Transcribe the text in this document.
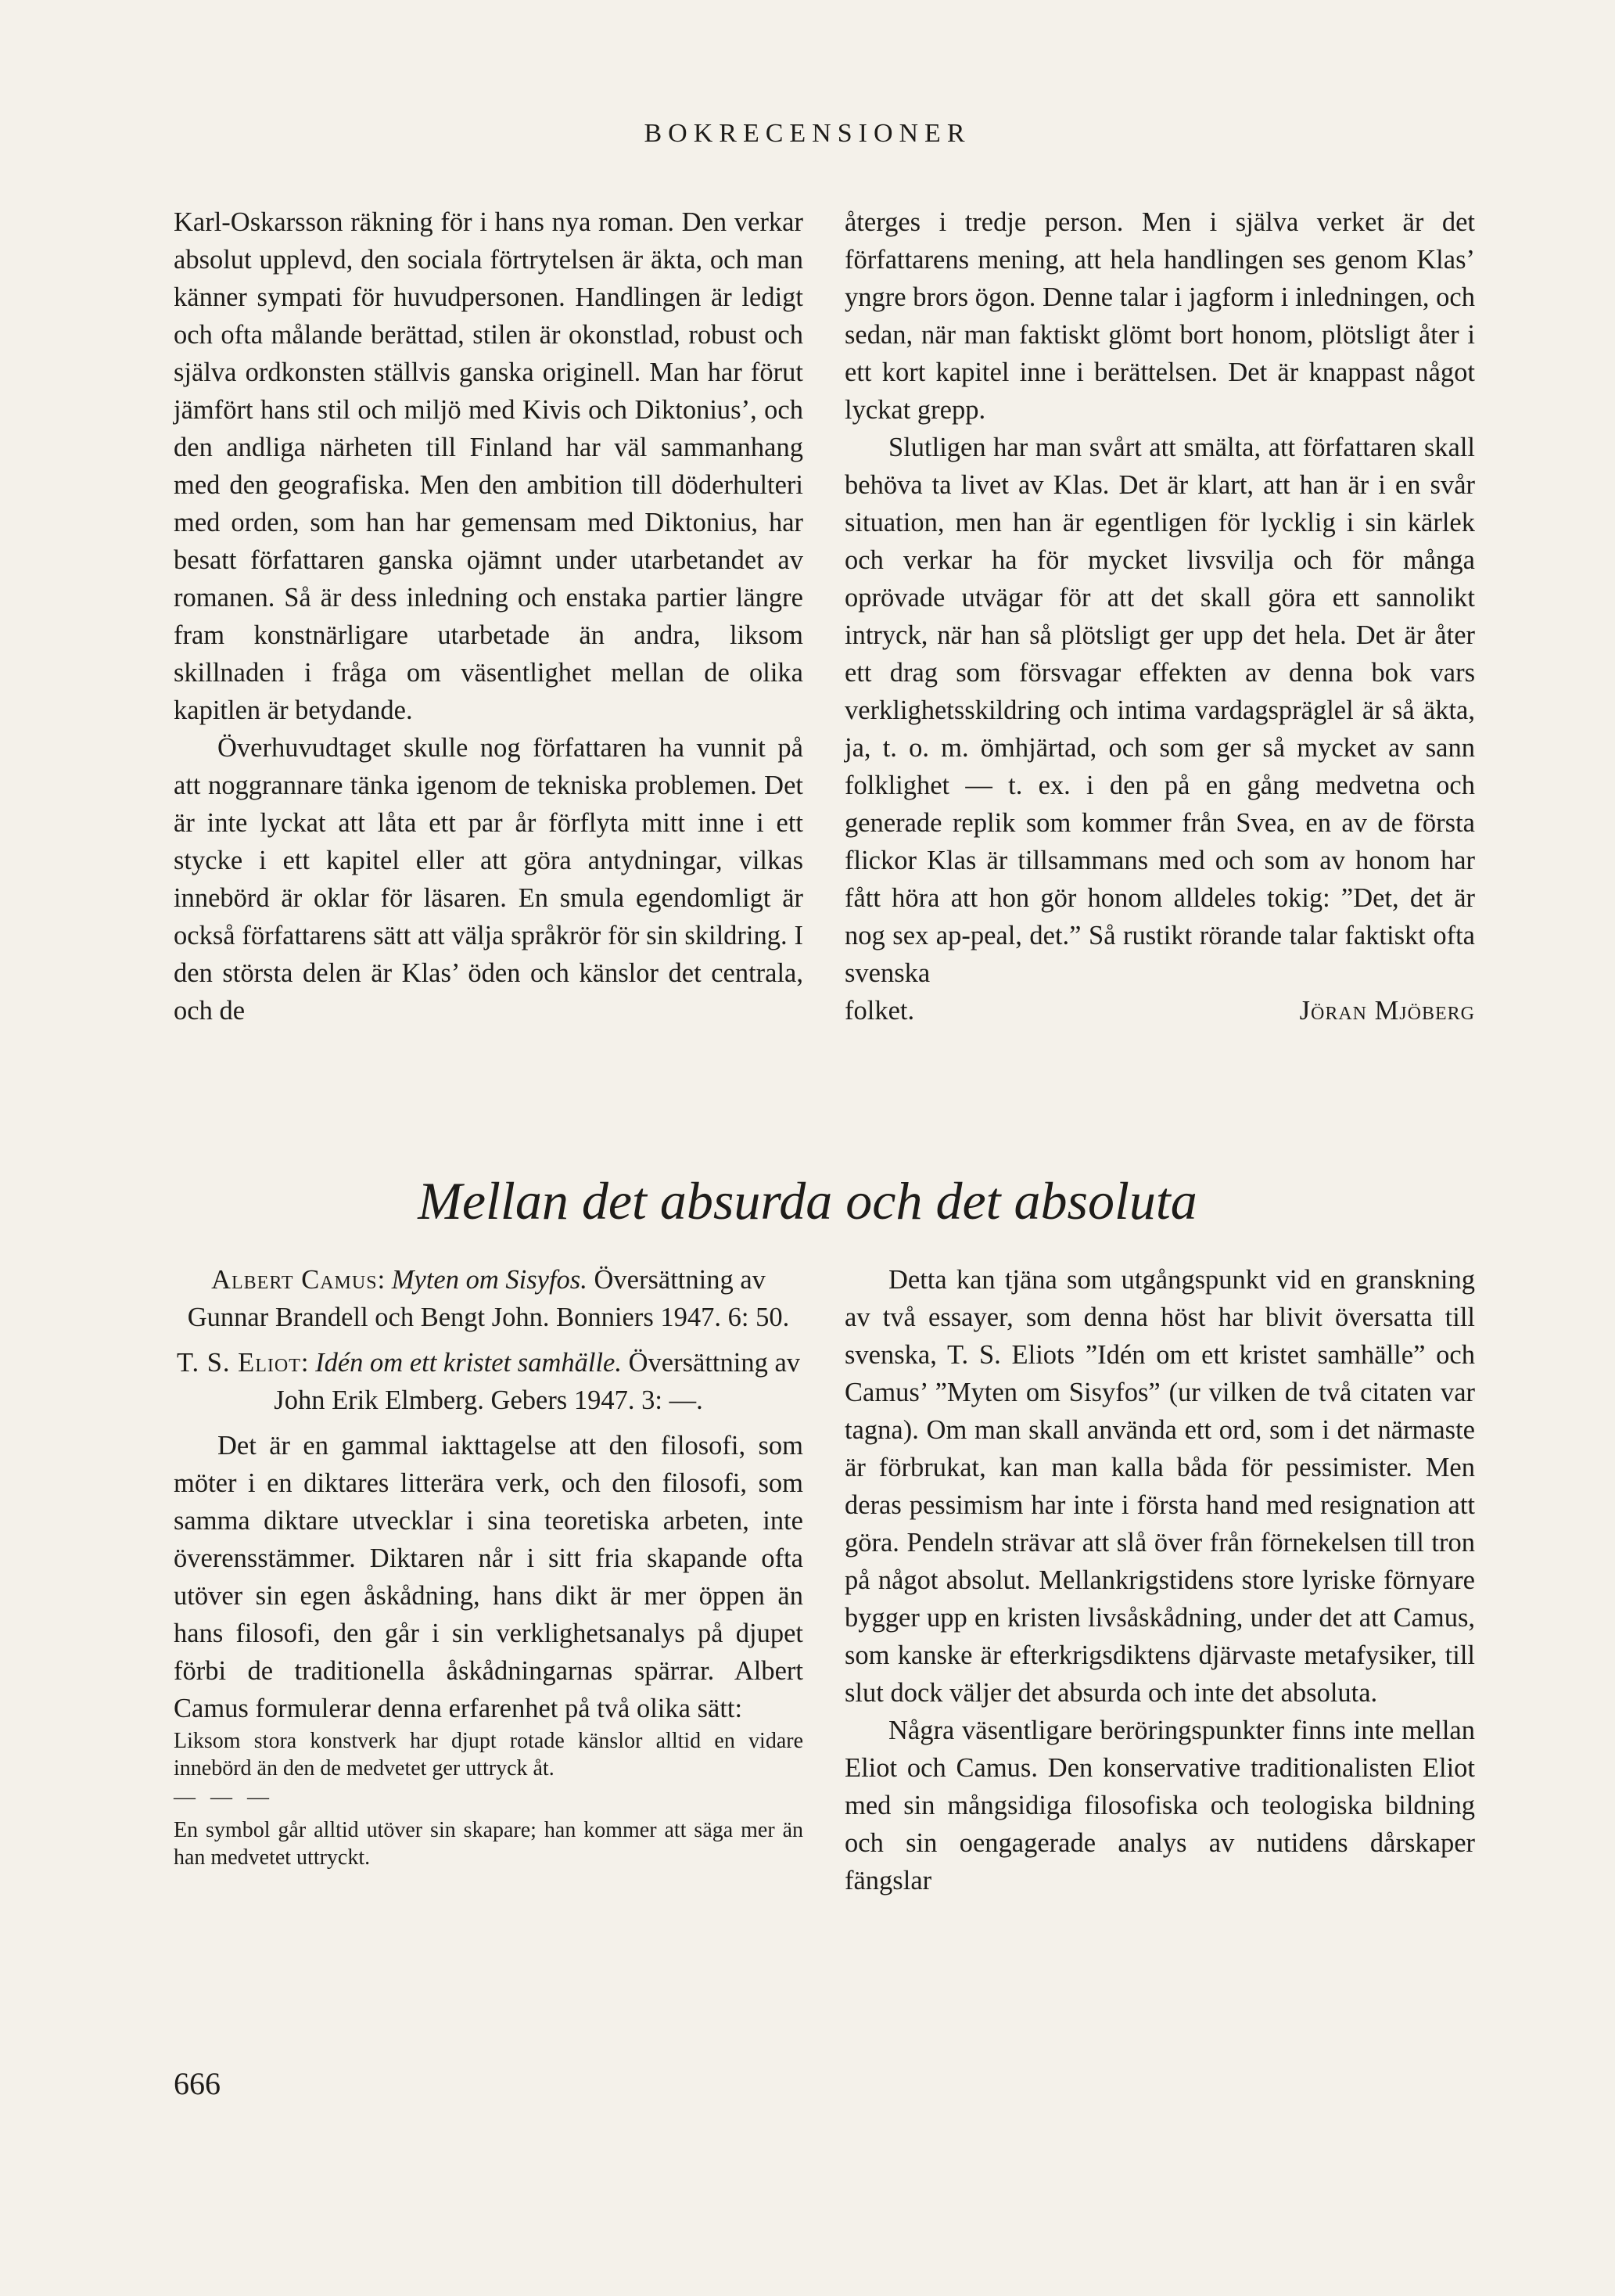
BOKRECENSIONER

Karl-Oskarsson räkning för i hans nya roman. Den verkar absolut upplevd, den sociala förtrytelsen är äkta, och man känner sympati för huvudpersonen. Handlingen är ledigt och ofta målande berättad, stilen är okonstlad, robust och själva ordkonsten ställvis ganska originell. Man har förut jämfört hans stil och miljö med Kivis och Diktonius’, och den andliga närheten till Finland har väl sammanhang med den geografiska. Men den ambition till döderhulteri med orden, som han har gemensam med Diktonius, har besatt författaren ganska ojämnt under utarbetandet av romanen. Så är dess inledning och enstaka partier längre fram konstnärligare utarbetade än andra, liksom skillnaden i fråga om väsentlighet mellan de olika kapitlen är betydande.

Överhuvudtaget skulle nog författaren ha vunnit på att noggrannare tänka igenom de tekniska problemen. Det är inte lyckat att låta ett par år förflyta mitt inne i ett stycke i ett kapitel eller att göra antydningar, vilkas innebörd är oklar för läsaren. En smula egendomligt är också författarens sätt att välja språkrör för sin skildring. I den största delen är Klas’ öden och känslor det centrala, och de

återges i tredje person. Men i själva verket är det författarens mening, att hela handlingen ses genom Klas’ yngre brors ögon. Denne talar i jagform i inledningen, och sedan, när man faktiskt glömt bort honom, plötsligt åter i ett kort kapitel inne i berättelsen. Det är knappast något lyckat grepp.

Slutligen har man svårt att smälta, att författaren skall behöva ta livet av Klas. Det är klart, att han är i en svår situation, men han är egentligen för lycklig i sin kärlek och verkar ha för mycket livsvilja och för många oprövade utvägar för att det skall göra ett sannolikt intryck, när han så plötsligt ger upp det hela. Det är åter ett drag som försvagar effekten av denna bok vars verklighetsskildring och intima vardagspräglel är så äkta, ja, t. o. m. ömhjärtad, och som ger så mycket av sann folklighet — t. ex. i den på en gång medvetna och generade replik som kommer från Svea, en av de första flickor Klas är tillsammans med och som av honom har fått höra att hon gör honom alldeles tokig: ”Det, det är nog sex ap-peal, det.” Så rustikt rörande talar faktiskt ofta svenska

folket.	Jöran Mjöberg

Mellan det absurda och det absoluta

Albert Camus: Myten om Sisyfos. Översättning av Gunnar Brandell och Bengt John. Bonniers 1947. 6: 50.

T. S. Eliot: Idén om ett kristet samhälle. Översättning av John Erik Elmberg. Gebers 1947. 3: —.

Det är en gammal iakttagelse att den filosofi, som möter i en diktares litterära verk, och den filosofi, som samma diktare utvecklar i sina teoretiska arbeten, inte överensstämmer. Diktaren når i sitt fria skapande ofta utöver sin egen åskådning, hans dikt är mer öppen än hans filosofi, den går i sin verklighetsanalys på djupet förbi de traditionella åskådningarnas spärrar. Albert Camus formulerar denna erfarenhet på två olika sätt:

Liksom stora konstverk har djupt rotade känslor alltid en vidare innebörd än den de medvetet ger uttryck åt.

— — —

En symbol går alltid utöver sin skapare; han kommer att säga mer än han medvetet uttryckt.

Detta kan tjäna som utgångspunkt vid en granskning av två essayer, som denna höst har blivit översatta till svenska, T. S. Eliots ”Idén om ett kristet samhälle” och Camus’ ”Myten om Sisyfos” (ur vilken de två citaten var tagna). Om man skall använda ett ord, som i det närmaste är förbrukat, kan man kalla båda för pessimister. Men deras pessimism har inte i första hand med resignation att göra. Pendeln strävar att slå över från förnekelsen till tron på något absolut. Mellankrigstidens store lyriske förnyare bygger upp en kristen livsåskådning, under det att Camus, som kanske är efterkrigsdiktens djärvaste metafysiker, till slut dock väljer det absurda och inte det absoluta.

Några väsentligare beröringspunkter finns inte mellan Eliot och Camus. Den konservative traditionalisten Eliot med sin mångsidiga filosofiska och teologiska bildning och sin oengagerade analys av nutidens dårskaper fängslar

666
